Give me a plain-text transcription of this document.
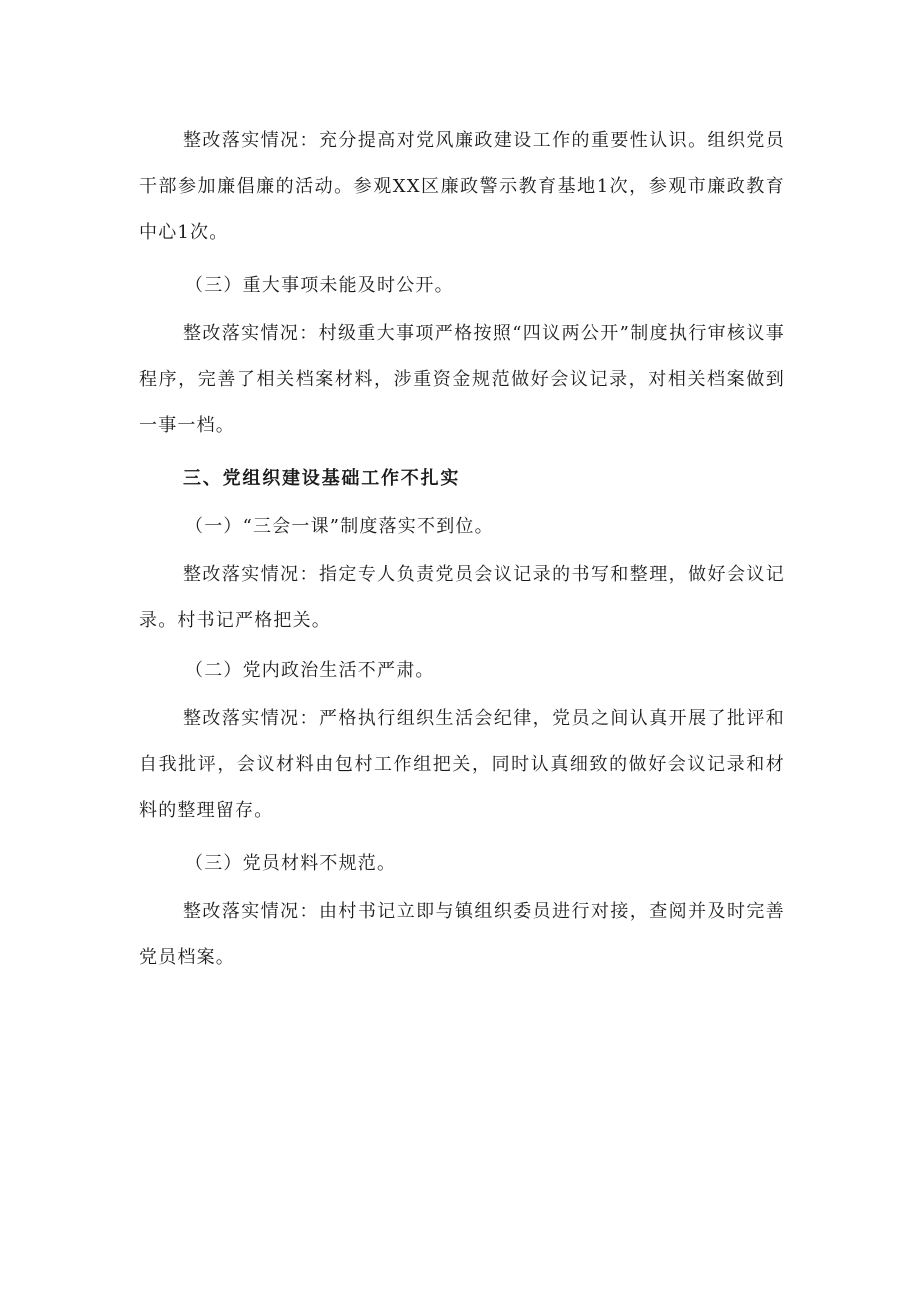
整改落实情况：充分提高对党风廉政建设工作的重要性认识。组织党员干部参加廉倡廉的活动。参观XX区廉政警示教育基地1次，参观市廉政教育中心1次。

（三）重大事项未能及时公开。

整改落实情况：村级重大事项严格按照“四议两公开”制度执行审核议事程序，完善了相关档案材料，涉重资金规范做好会议记录，对相关档案做到一事一档。

三、党组织建设基础工作不扎实

（一）“三会一课”制度落实不到位。

整改落实情况：指定专人负责党员会议记录的书写和整理，做好会议记录。村书记严格把关。

（二）党内政治生活不严肃。

整改落实情况：严格执行组织生活会纪律，党员之间认真开展了批评和自我批评，会议材料由包村工作组把关，同时认真细致的做好会议记录和材料的整理留存。

（三）党员材料不规范。

整改落实情况：由村书记立即与镇组织委员进行对接，查阅并及时完善党员档案。
